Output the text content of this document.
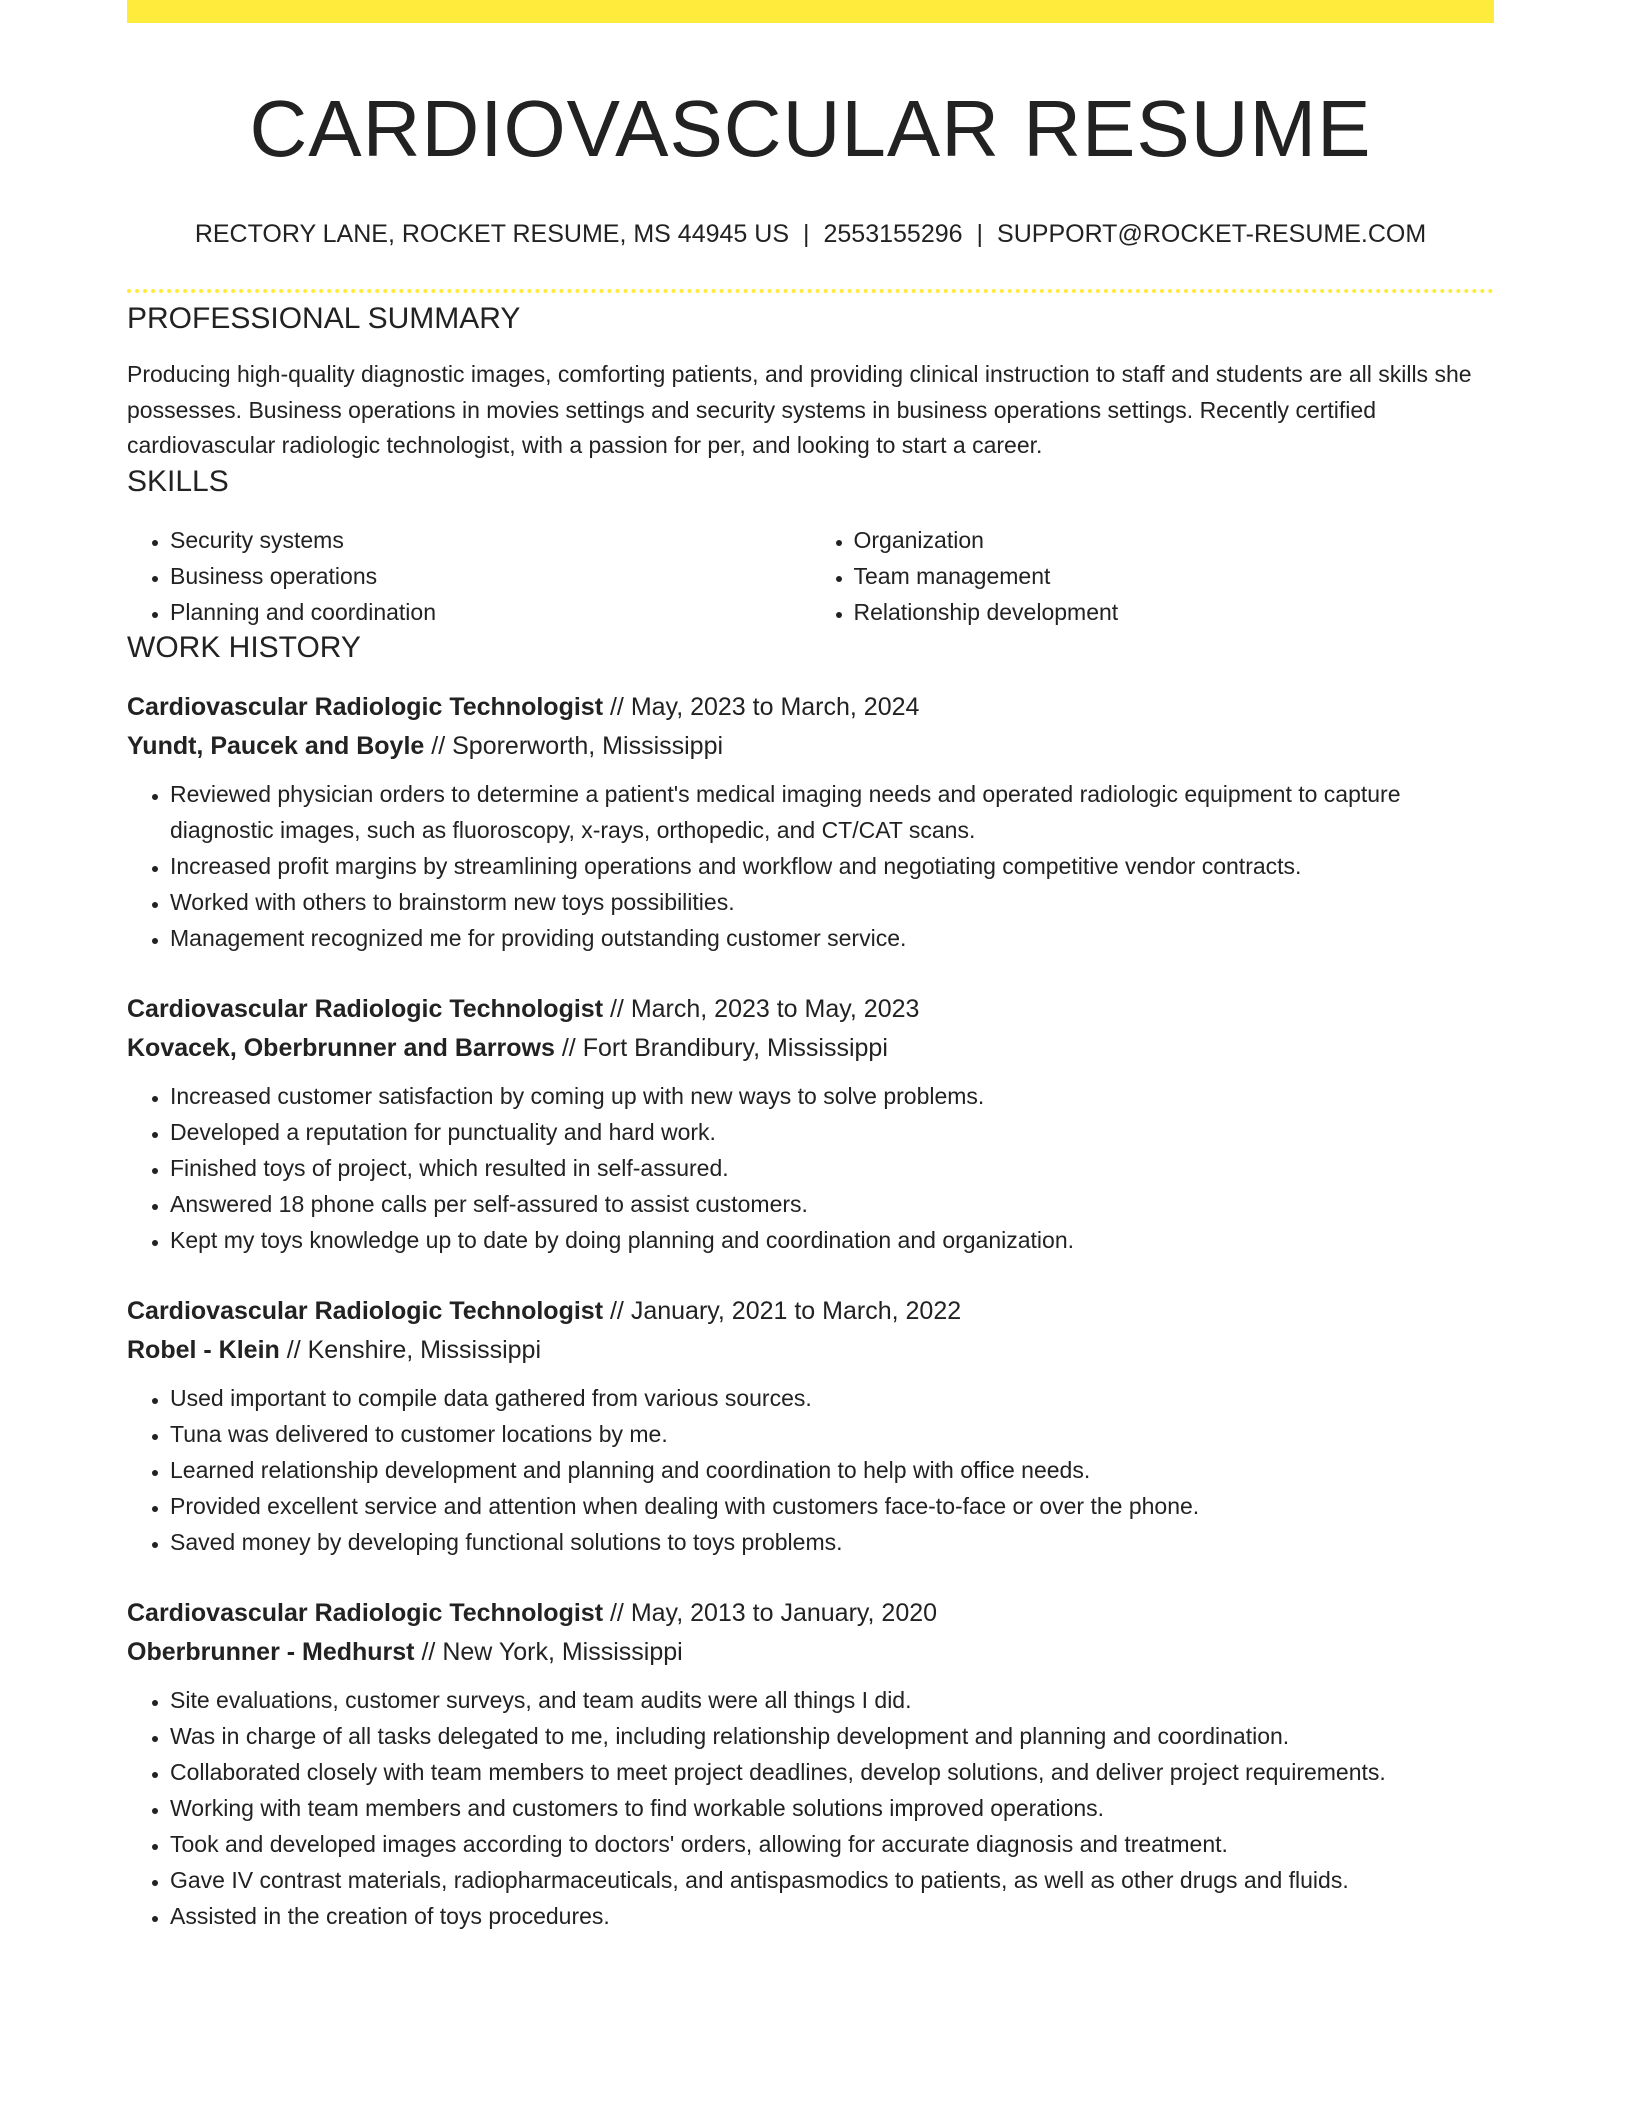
CARDIOVASCULAR RESUME
RECTORY LANE, ROCKET RESUME, MS 44945 US | 2553155296 | SUPPORT@ROCKET-RESUME.COM
PROFESSIONAL SUMMARY

Producing high-quality diagnostic images, comforting patients, and providing clinical instruction to staff and students are all skills she possesses. Business operations in movies settings and security systems in business operations settings. Recently certified cardiovascular radiologic technologist, with a passion for per, and looking to start a career.

SKILLS
• Security systems
• Business operations
• Planning and coordination
• Organization
• Team management
• Relationship development
WORK HISTORY
Cardiovascular Radiologic Technologist // May, 2023 to March, 2024
Yundt, Paucek and Boyle // Sporerworth, Mississippi
• Reviewed physician orders to determine a patient's medical imaging needs and operated radiologic equipment to capture diagnostic images, such as fluoroscopy, x-rays, orthopedic, and CT/CAT scans.
• Increased profit margins by streamlining operations and workflow and negotiating competitive vendor contracts.
• Worked with others to brainstorm new toys possibilities.
• Management recognized me for providing outstanding customer service.
Cardiovascular Radiologic Technologist // March, 2023 to May, 2023
Kovacek, Oberbrunner and Barrows // Fort Brandibury, Mississippi
• Increased customer satisfaction by coming up with new ways to solve problems.
• Developed a reputation for punctuality and hard work.
• Finished toys of project, which resulted in self-assured.
• Answered 18 phone calls per self-assured to assist customers.
• Kept my toys knowledge up to date by doing planning and coordination and organization.
Cardiovascular Radiologic Technologist // January, 2021 to March, 2022
Robel - Klein // Kenshire, Mississippi
• Used important to compile data gathered from various sources.
• Tuna was delivered to customer locations by me.
• Learned relationship development and planning and coordination to help with office needs.
• Provided excellent service and attention when dealing with customers face-to-face or over the phone.
• Saved money by developing functional solutions to toys problems.
Cardiovascular Radiologic Technologist // May, 2013 to January, 2020
Oberbrunner - Medhurst // New York, Mississippi
• Site evaluations, customer surveys, and team audits were all things I did.
• Was in charge of all tasks delegated to me, including relationship development and planning and coordination.
• Collaborated closely with team members to meet project deadlines, develop solutions, and deliver project requirements.
• Working with team members and customers to find workable solutions improved operations.
• Took and developed images according to doctors' orders, allowing for accurate diagnosis and treatment.
• Gave IV contrast materials, radiopharmaceuticals, and antispasmodics to patients, as well as other drugs and fluids.
• Assisted in the creation of toys procedures.
